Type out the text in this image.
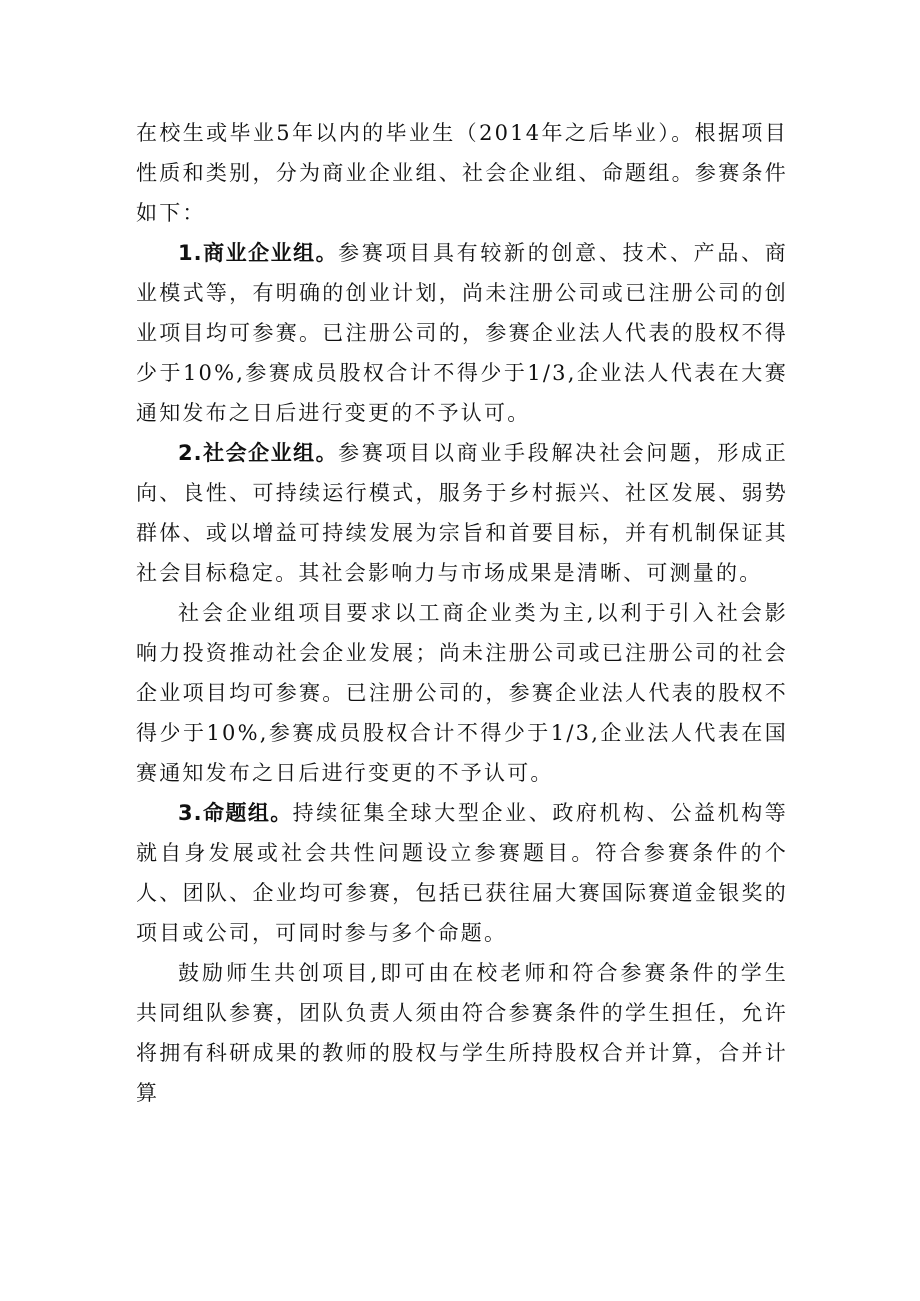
在校生或毕业5年以内的毕业生（2014年之后毕业）。根据项目性质和类别，分为商业企业组、社会企业组、命题组。参赛条件如下：

1.商业企业组。参赛项目具有较新的创意、技术、产品、商业模式等，有明确的创业计划，尚未注册公司或已注册公司的创业项目均可参赛。已注册公司的，参赛企业法人代表的股权不得少于10%,参赛成员股权合计不得少于1/3,企业法人代表在大赛通知发布之日后进行变更的不予认可。

2.社会企业组。参赛项目以商业手段解决社会问题，形成正向、良性、可持续运行模式，服务于乡村振兴、社区发展、弱势群体、或以增益可持续发展为宗旨和首要目标，并有机制保证其社会目标稳定。其社会影响力与市场成果是清晰、可测量的。

社会企业组项目要求以工商企业类为主,以利于引入社会影响力投资推动社会企业发展；尚未注册公司或已注册公司的社会企业项目均可参赛。已注册公司的，参赛企业法人代表的股权不得少于10%,参赛成员股权合计不得少于1/3,企业法人代表在国赛通知发布之日后进行变更的不予认可。

3.命题组。持续征集全球大型企业、政府机构、公益机构等就自身发展或社会共性问题设立参赛题目。符合参赛条件的个人、团队、企业均可参赛，包括已获往届大赛国际赛道金银奖的项目或公司，可同时参与多个命题。

鼓励师生共创项目,即可由在校老师和符合参赛条件的学生共同组队参赛，团队负责人须由符合参赛条件的学生担任，允许将拥有科研成果的教师的股权与学生所持股权合并计算，合并计算
